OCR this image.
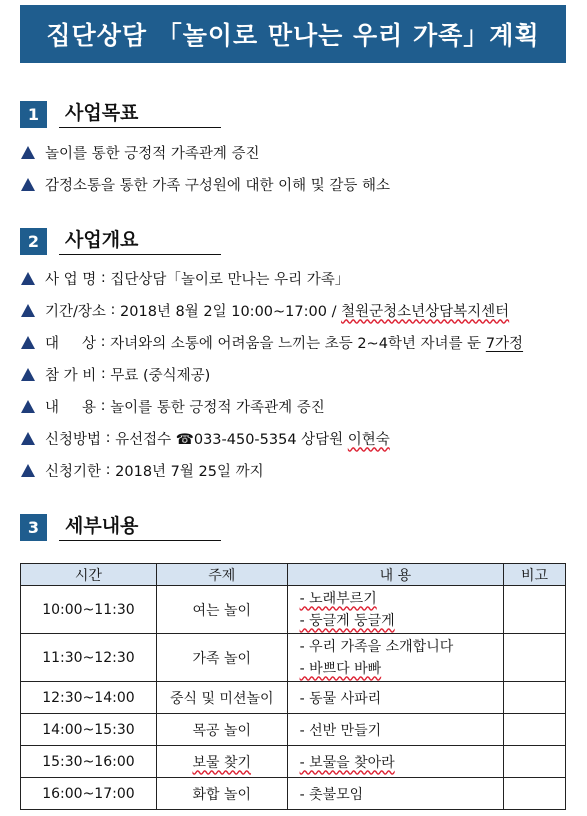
집단상담 「놀이로 만나는 우리 가족」계획
1	사업목표
놀이를 통한 긍정적 가족관계 증진
감정소통을 통한 가족 구성원에 대한 이해 및 갈등 해소
2	사업개요
사 업 명 : 집단상담「놀이로 만나는 우리 가족」
기간/장소 : 2018년 8월 2일 10:00~17:00 / 철원군청소년상담복지센터
대     상 : 자녀와의 소통에 어려움을 느끼는 초등 2~4학년 자녀를 둔 7가정
참 가 비 : 무료 (중식제공)
내     용 : 놀이를 통한 긍정적 가족관계 증진
신청방법 : 유선접수 ☎033-450-5354 상담원 이현숙
신청기한 : 2018년 7월 25일 까지
3	세부내용
시간	주제	내 용	비고
10:00~11:30	여는 놀이	- 노래부르기
- 둥글게 둥글게	

11:30~12:30	가족 놀이	- 우리 가족을 소개합니다
- 바쁘다 바빠	

12:30~14:00	중식 및 미션놀이	- 동물 사파리	
14:00~15:30	목공 놀이	- 선반 만들기	
15:30~16:00	보물 찾기	- 보물을 찾아라	
16:00~17:00	화합 놀이	- 촛불모임	
